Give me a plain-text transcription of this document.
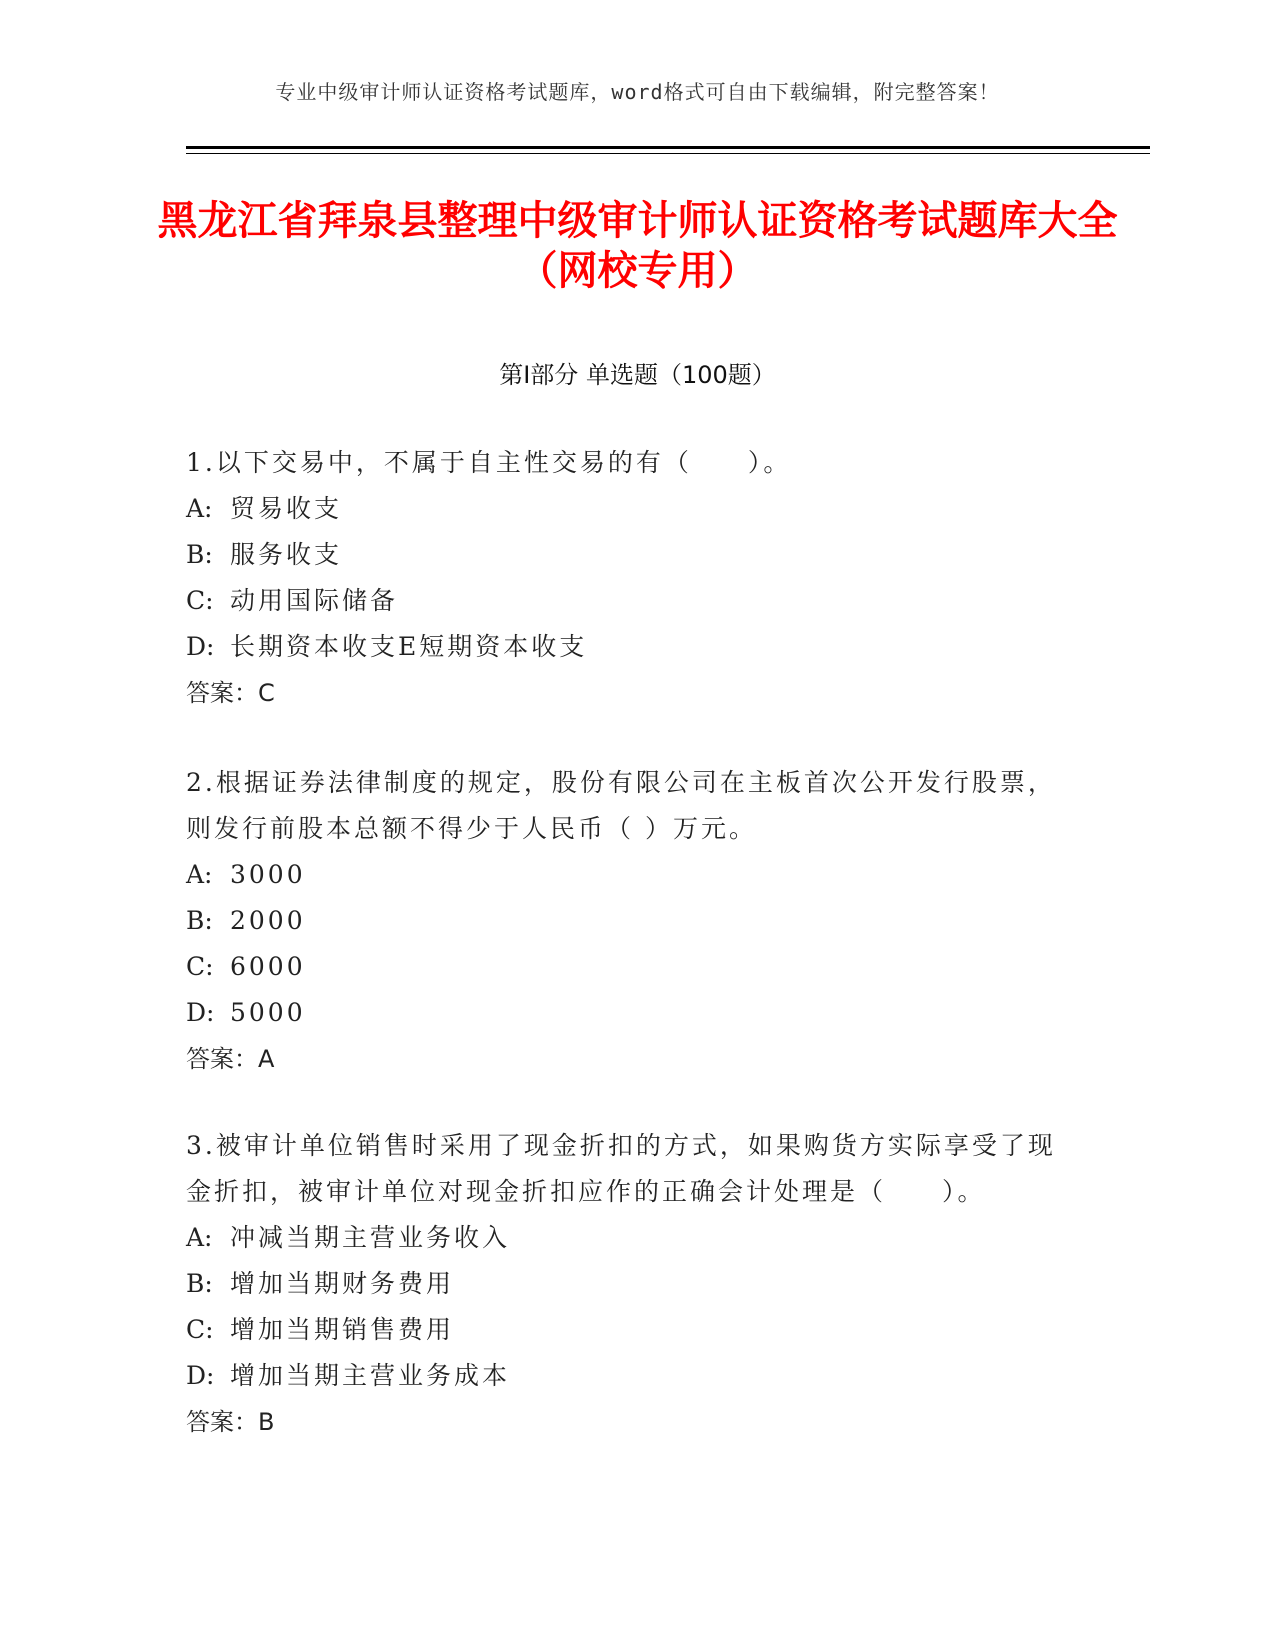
专业中级审计师认证资格考试题库，word格式可自由下载编辑，附完整答案！
黑龙江省拜泉县整理中级审计师认证资格考试题库大全（网校专用）
第Ⅰ部分 单选题（100题）

1.以下交易中，不属于自主性交易的有（　　）。

A: 贸易收支
B: 服务收支
C: 动用国际储备
D: 长期资本收支E短期资本收支
答案：C

2.根据证券法律制度的规定，股份有限公司在主板首次公开发行股票，则发行前股本总额不得少于人民币（ ）万元。

A: 3000
B: 2000
C: 6000
D: 5000
答案：A

3.被审计单位销售时采用了现金折扣的方式，如果购货方实际享受了现金折扣，被审计单位对现金折扣应作的正确会计处理是（　　）。

A: 冲减当期主营业务收入
B: 增加当期财务费用
C: 增加当期销售费用
D: 增加当期主营业务成本
答案：B
